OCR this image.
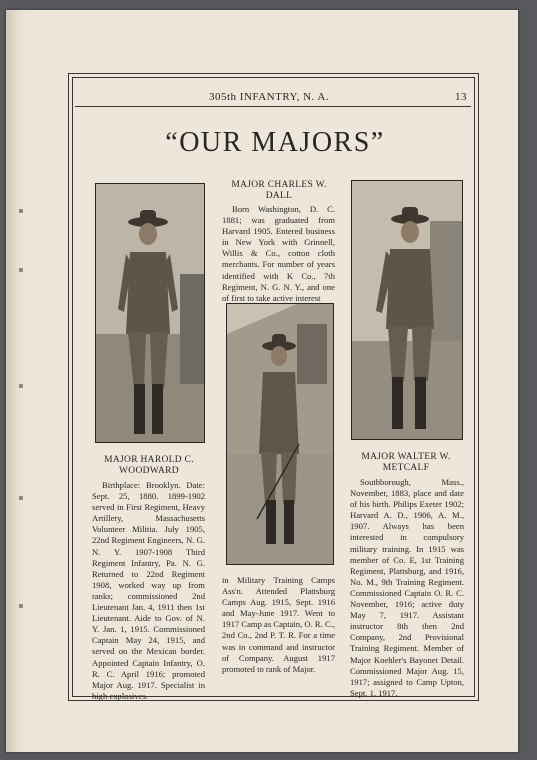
305th INFANTRY, N. A.	13
“OUR MAJORS”
MAJOR HAROLD C.
WOODWARD

Birthplace: Brooklyn. Date: Sept. 25, 1880. 1899-1902 served in First Regiment, Heavy Artillery, Massachusetts Volunteer Militia. July 1905, 22nd Regiment Engineers, N. G. N. Y. 1907-1908 Third Regiment Infantry, Pa. N. G. Returned to 22nd Regiment 1908, worked way up from ranks; commissioned 2nd Lieutenant Jan. 4, 1911 then 1st Lieutenant. Aide to Gov. of N. Y. Jan. 1, 1915. Commissioned Captain May 24, 1915, and served on the Mexican border. Appointed Captain Infantry, O. R. C. April 1916; promoted Major Aug. 1917. Specialist in high explosives.

MAJOR CHARLES W.
DALL

Born Washington, D. C. 1881; was graduated from Harvard 1905. Entered business in New York with Grinnell, Willis & Co., cotton cloth merchants. For number of years identified with K Co., 7th Regiment, N. G. N. Y., and one of first to take active interest

in Military Training Camps Ass'n. Attended Plattsburg Camps Aug. 1915, Sept. 1916 and May-June 1917. Went to 1917 Camp as Captain, O. R. C., 2nd Co., 2nd P. T. R. For a time was in command and instructor of Company. August 1917 promoted to rank of Major.
MAJOR WALTER W.
METCALF

Southborough, Mass., November, 1883, place and date of his birth. Philips Exeter 1902; Harvard A. D., 1906, A. M., 1907. Always has been interested in compulsory military training. In 1915 was member of Co. E, 1st Training Regiment, Plattsburg, and 1916, No. M., 9th Training Regiment. Commissioned Captain O. R. C. November, 1916; active duty May 7, 1917. Assistant instructor 8th then 2nd Company, 2nd Provisional Training Regiment. Member of Major Koehler's Bayonet Detail. Commissioned Major Aug. 15, 1917; assigned to Camp Upton, Sept. 1, 1917.
